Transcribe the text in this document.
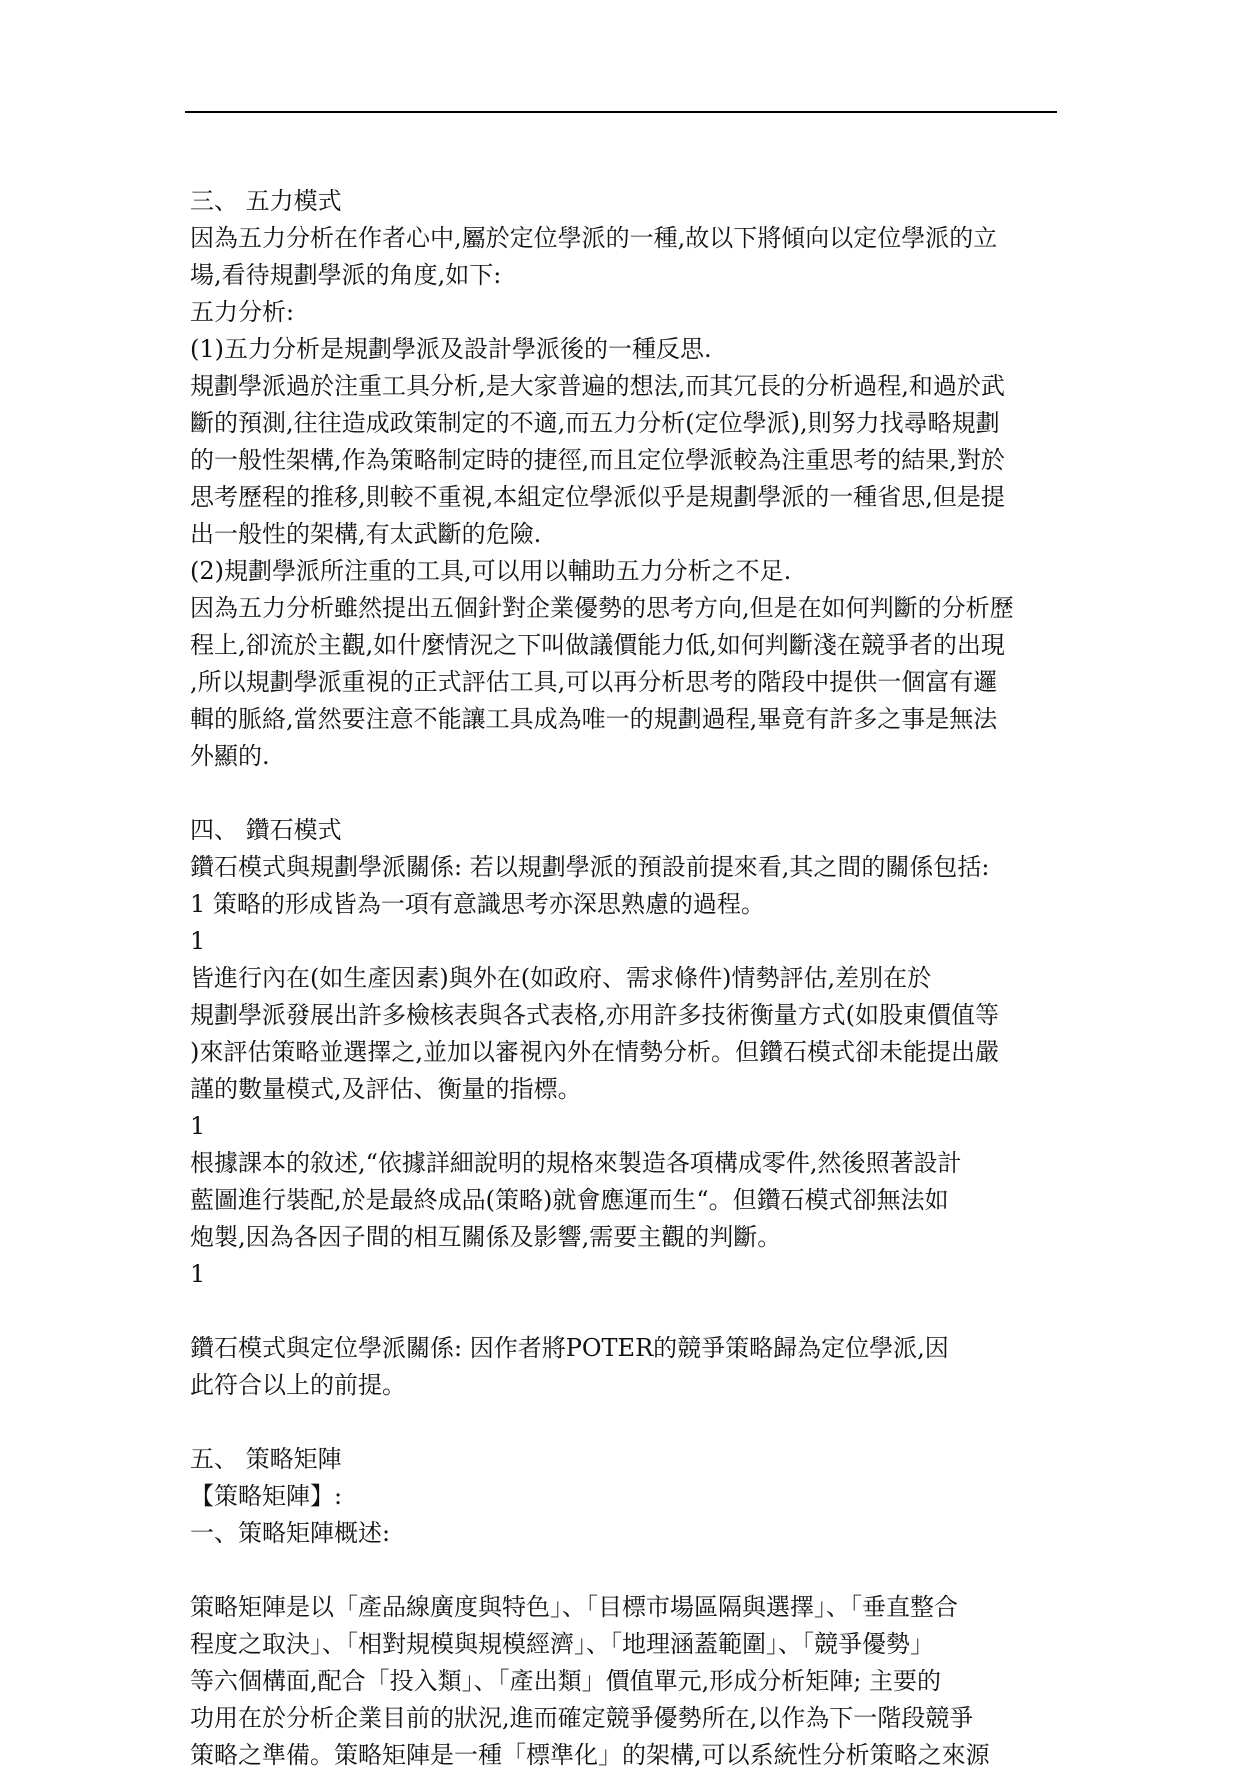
三、 五力模式

因為五力分析在作者心中,屬於定位學派的一種,故以下將傾向以定位學派的立

場,看待規劃學派的角度,如下:

五力分析:

(1)五力分析是規劃學派及設計學派後的一種反思.

規劃學派過於注重工具分析,是大家普遍的想法,而其冗長的分析過程,和過於武

斷的預測,往往造成政策制定的不適,而五力分析(定位學派),則努力找尋略規劃

的一般性架構,作為策略制定時的捷徑,而且定位學派較為注重思考的結果,對於

思考歷程的推移,則較不重視,本組定位學派似乎是規劃學派的一種省思,但是提

出一般性的架構,有太武斷的危險.

(2)規劃學派所注重的工具,可以用以輔助五力分析之不足.

因為五力分析雖然提出五個針對企業優勢的思考方向,但是在如何判斷的分析歷

程上,卻流於主觀,如什麼情況之下叫做議價能力低,如何判斷淺在競爭者的出現

,所以規劃學派重視的正式評估工具,可以再分析思考的階段中提供一個富有邏

輯的脈絡,當然要注意不能讓工具成為唯一的規劃過程,畢竟有許多之事是無法

外顯的.

四、 鑽石模式

鑽石模式與規劃學派關係: 若以規劃學派的預設前提來看,其之間的關係包括:

1 策略的形成皆為一項有意識思考亦深思熟慮的過程。

1

皆進行內在(如生產因素)與外在(如政府、需求條件)情勢評估,差別在於

規劃學派發展出許多檢核表與各式表格,亦用許多技術衡量方式(如股東價值等

)來評估策略並選擇之,並加以審視內外在情勢分析。但鑽石模式卻未能提出嚴

謹的數量模式,及評估、衡量的指標。

1

根據課本的敘述,“依據詳細說明的規格來製造各項構成零件,然後照著設計

藍圖進行裝配,於是最終成品(策略)就會應運而生“。但鑽石模式卻無法如

炮製,因為各因子間的相互關係及影響,需要主觀的判斷。

1

鑽石模式與定位學派關係: 因作者將POTER的競爭策略歸為定位學派,因

此符合以上的前提。

五、 策略矩陣

【策略矩陣】:

一、策略矩陣概述:

策略矩陣是以「產品線廣度與特色」、「目標市場區隔與選擇」、「垂直整合

程度之取決」、「相對規模與規模經濟」、「地理涵蓋範圍」、「競爭優勢」

等六個構面,配合「投入類」、「產出類」價值單元,形成分析矩陣; 主要的

功用在於分析企業目前的狀況,進而確定競爭優勢所在,以作為下一階段競爭

策略之準備。策略矩陣是一種「標準化」的架構,可以系統性分析策略之來源
